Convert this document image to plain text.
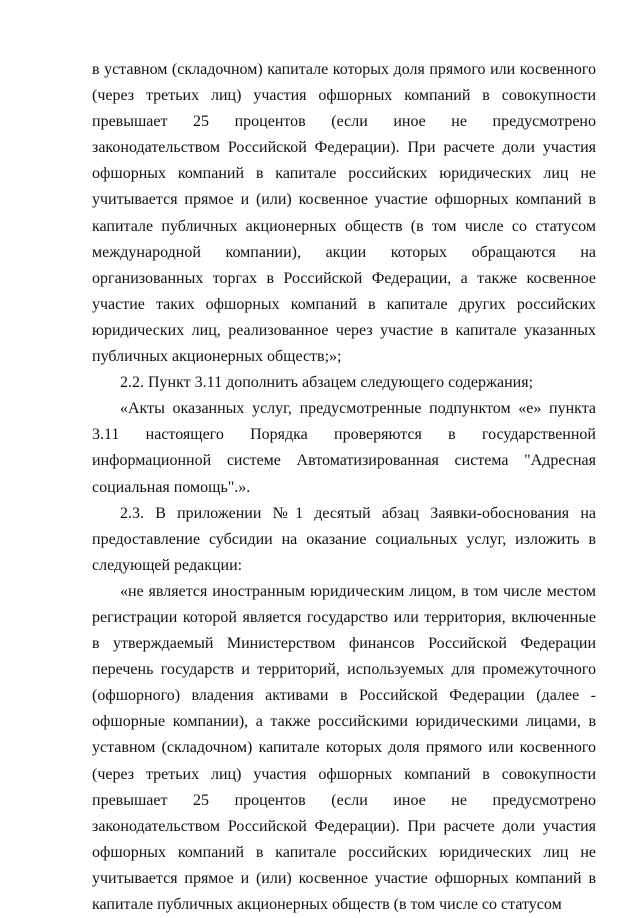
в уставном (складочном) капитале которых доля прямого или косвенного (через третьих лиц) участия офшорных компаний в совокупности превышает 25 процентов (если иное не предусмотрено законодательством Российской Федерации). При расчете доли участия офшорных компаний в капитале российских юридических лиц не учитывается прямое и (или) косвенное участие офшорных компаний в капитале публичных акционерных обществ (в том числе со статусом международной компании), акции которых обращаются на организованных торгах в Российской Федерации, а также косвенное участие таких офшорных компаний в капитале других российских юридических лиц, реализованное через участие в капитале указанных публичных акционерных обществ;»;

2.2. Пункт 3.11 дополнить абзацем следующего содержания;

«Акты оказанных услуг, предусмотренные подпунктом «е» пункта 3.11 настоящего Порядка проверяются в государственной информационной системе Автоматизированная система "Адресная социальная помощь".».

2.3. В приложении №1 десятый абзац Заявки-обоснования на предоставление субсидии на оказание социальных услуг, изложить в следующей редакции:

«не является иностранным юридическим лицом, в том числе местом регистрации которой является государство или территория, включенные в утверждаемый Министерством финансов Российской Федерации перечень государств и территорий, используемых для промежуточного (офшорного) владения активами в Российской Федерации (далее - офшорные компании), а также российскими юридическими лицами, в уставном (складочном) капитале которых доля прямого или косвенного (через третьих лиц) участия офшорных компаний в совокупности превышает 25 процентов (если иное не предусмотрено законодательством Российской Федерации). При расчете доли участия офшорных компаний в капитале российских юридических лиц не учитывается прямое и (или) косвенное участие офшорных компаний в капитале публичных акционерных обществ (в том числе со статусом
